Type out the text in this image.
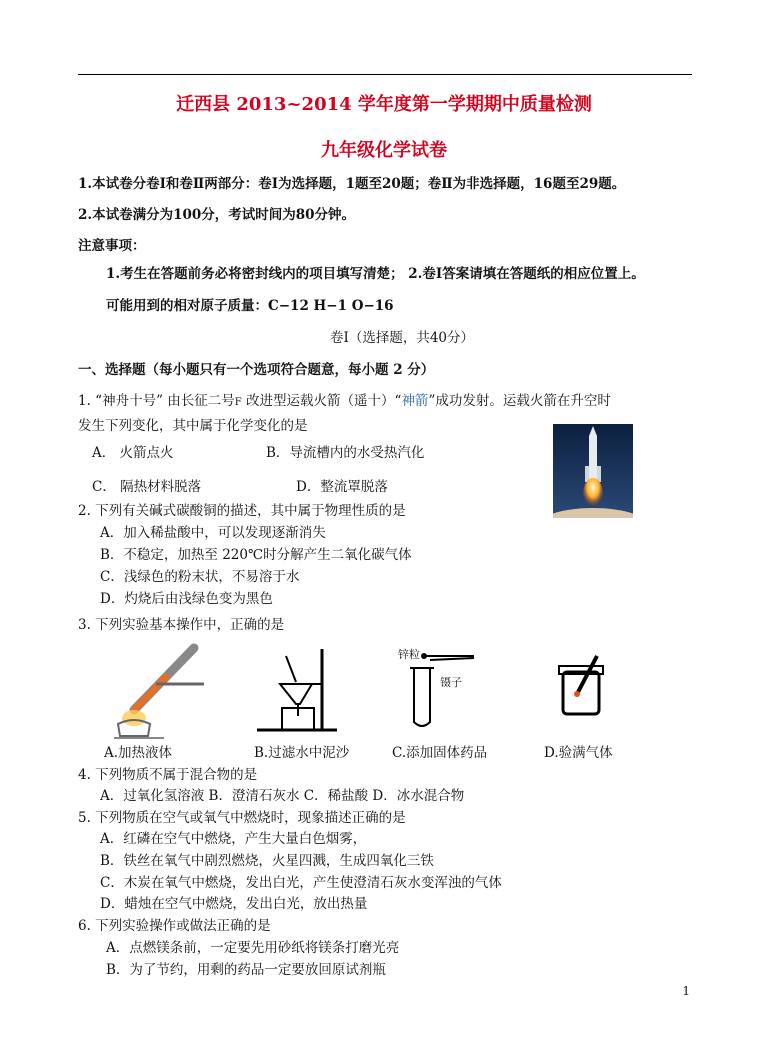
迁西县 2013~2014 学年度第一学期期中质量检测
九年级化学试卷
1.本试卷分卷Ⅰ和卷Ⅱ两部分：卷Ⅰ为选择题，1题至20题；卷Ⅱ为非选择题，16题至29题。
2.本试卷满分为100分，考试时间为80分钟。
注意事项：
1.考生在答题前务必将密封线内的项目填写清楚； 2.卷Ⅰ答案请填在答题纸的相应位置上。
可能用到的相对原子质量：C−12 H−1 O−16
卷Ⅰ（选择题，共40分）
一、选择题（每小题只有一个选项符合题意，每小题 2 分）
1. “神舟十号” 由长征二号F 改进型运载火箭（遥十）“神箭”成功发射。运载火箭在升空时
发生下列变化，其中属于化学变化的是
A． 火箭点火	B．导流槽内的水受热汽化
C． 隔热材料脱落	D．整流罩脱落
2. 下列有关碱式碳酸铜的描述，其中属于物理性质的是
A．加入稀盐酸中，可以发现逐渐消失
B．不稳定，加热至 220℃时分解产生二氧化碳气体
C．浅绿色的粉末状，不易溶于水
D．灼烧后由浅绿色变为黑色
3. 下列实验基本操作中，正确的是
锌粒
镊子
A.加热液体	B.过滤水中泥沙	C.添加固体药品	D.验满气体
4. 下列物质不属于混合物的是
A．过氧化氢溶液 B．澄清石灰水 C．稀盐酸 D．冰水混合物
5. 下列物质在空气或氧气中燃烧时，现象描述正确的是
A．红磷在空气中燃烧，产生大量白色烟雾，
B．铁丝在氧气中剧烈燃烧，火星四溅，生成四氧化三铁
C．木炭在氧气中燃烧，发出白光，产生使澄清石灰水变浑浊的气体
D．蜡烛在空气中燃烧，发出白光，放出热量
6. 下列实验操作或做法正确的是
A．点燃镁条前，一定要先用砂纸将镁条打磨光亮
B．为了节约，用剩的药品一定要放回原试剂瓶
1
